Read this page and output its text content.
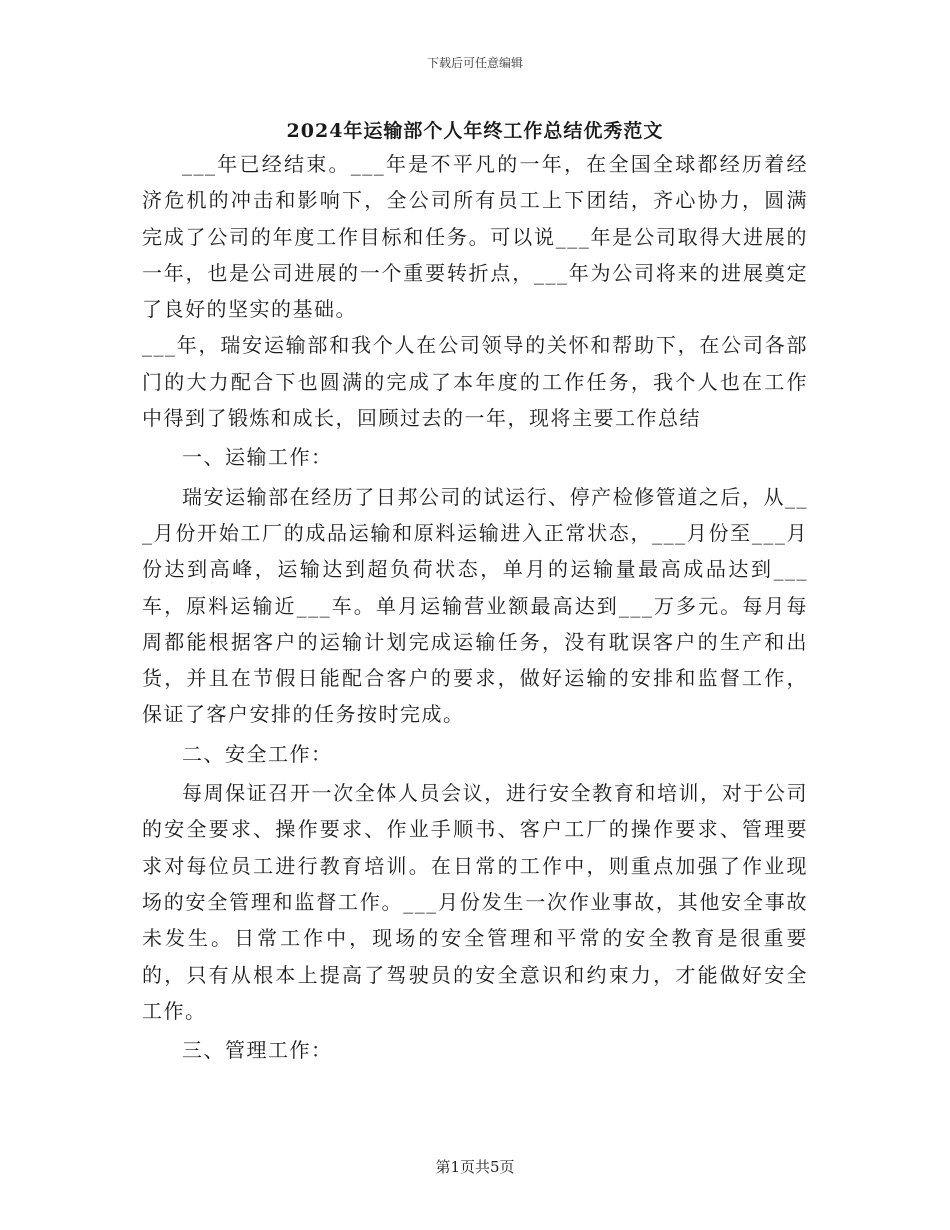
下载后可任意编辑
2024年运输部个人年终工作总结优秀范文

___年已经结束。___年是不平凡的一年，在全国全球都经历着经济危机的冲击和影响下，全公司所有员工上下团结，齐心协力，圆满完成了公司的年度工作目标和任务。可以说___年是公司取得大进展的一年，也是公司进展的一个重要转折点，___年为公司将来的进展奠定了良好的坚实的基础。

___年，瑞安运输部和我个人在公司领导的关怀和帮助下，在公司各部门的大力配合下也圆满的完成了本年度的工作任务，我个人也在工作中得到了锻炼和成长，回顾过去的一年，现将主要工作总结

一、运输工作：

瑞安运输部在经历了日邦公司的试运行、停产检修管道之后，从___月份开始工厂的成品运输和原料运输进入正常状态，___月份至___月份达到高峰，运输达到超负荷状态，单月的运输量最高成品达到___车，原料运输近___车。单月运输营业额最高达到___万多元。每月每周都能根据客户的运输计划完成运输任务，没有耽误客户的生产和出货，并且在节假日能配合客户的要求，做好运输的安排和监督工作，保证了客户安排的任务按时完成。

二、安全工作：

每周保证召开一次全体人员会议，进行安全教育和培训，对于公司的安全要求、操作要求、作业手顺书、客户工厂的操作要求、管理要求对每位员工进行教育培训。在日常的工作中，则重点加强了作业现场的安全管理和监督工作。___月份发生一次作业事故，其他安全事故未发生。日常工作中，现场的安全管理和平常的安全教育是很重要的，只有从根本上提高了驾驶员的安全意识和约束力，才能做好安全工作。

三、管理工作：

第1页共5页
